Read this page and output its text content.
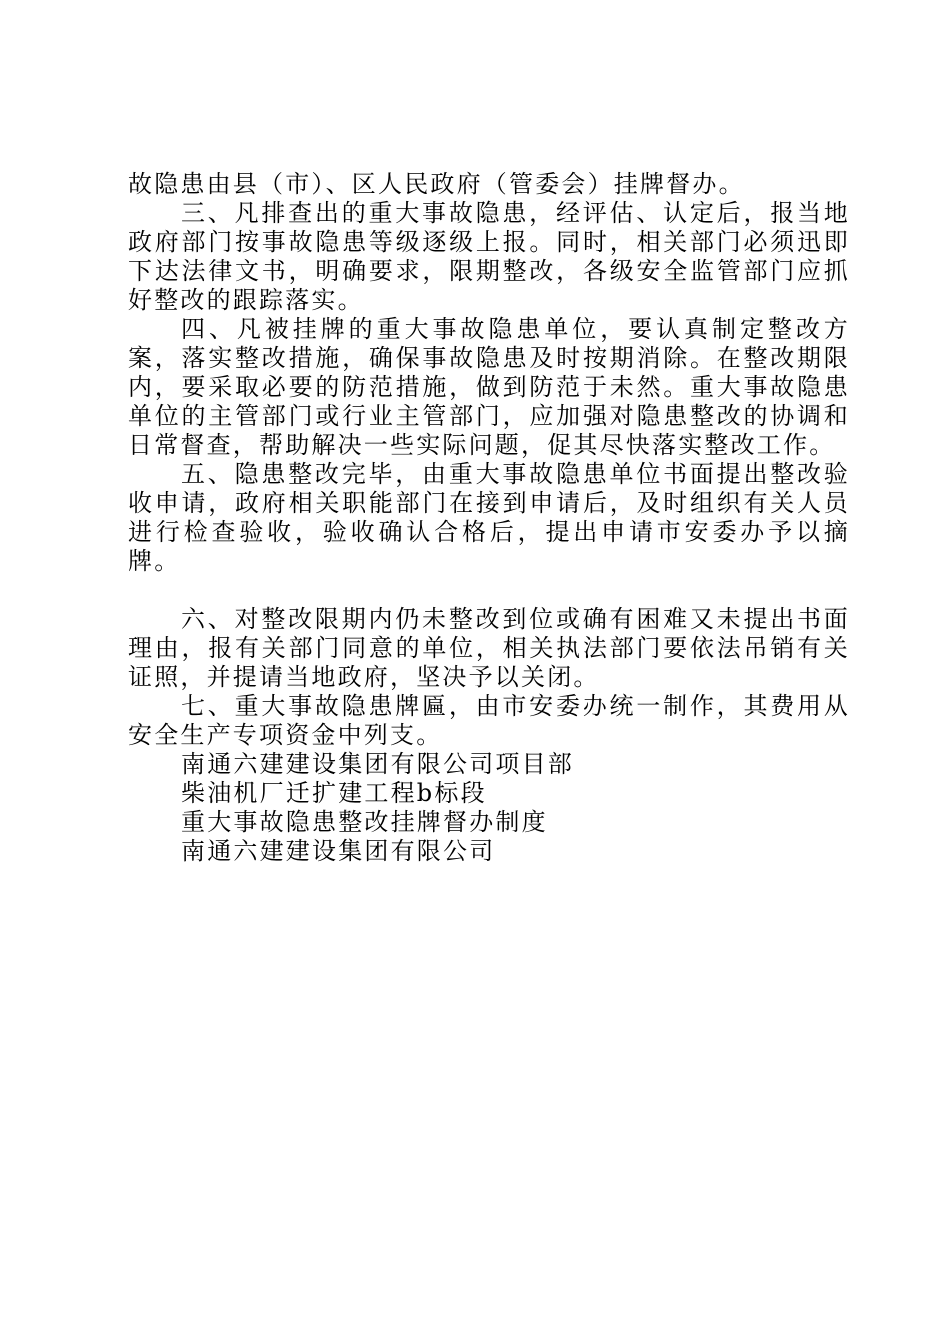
故隐患由县（市）、区人民政府（管委会）挂牌督办。

三、凡排查出的重大事故隐患，经评估、认定后，报当地政府部门按事故隐患等级逐级上报。同时，相关部门必须迅即下达法律文书，明确要求，限期整改，各级安全监管部门应抓好整改的跟踪落实。

四、凡被挂牌的重大事故隐患单位，要认真制定整改方案，落实整改措施，确保事故隐患及时按期消除。在整改期限内，要采取必要的防范措施，做到防范于未然。重大事故隐患单位的主管部门或行业主管部门，应加强对隐患整改的协调和日常督查，帮助解决一些实际问题，促其尽快落实整改工作。

五、隐患整改完毕，由重大事故隐患单位书面提出整改验收申请，政府相关职能部门在接到申请后，及时组织有关人员进行检查验收，验收确认合格后，提出申请市安委办予以摘牌。

六、对整改限期内仍未整改到位或确有困难又未提出书面理由，报有关部门同意的单位，相关执法部门要依法吊销有关证照，并提请当地政府，坚决予以关闭。

七、重大事故隐患牌匾，由市安委办统一制作，其费用从安全生产专项资金中列支。

南通六建建设集团有限公司项目部

柴油机厂迁扩建工程b标段

重大事故隐患整改挂牌督办制度

南通六建建设集团有限公司
